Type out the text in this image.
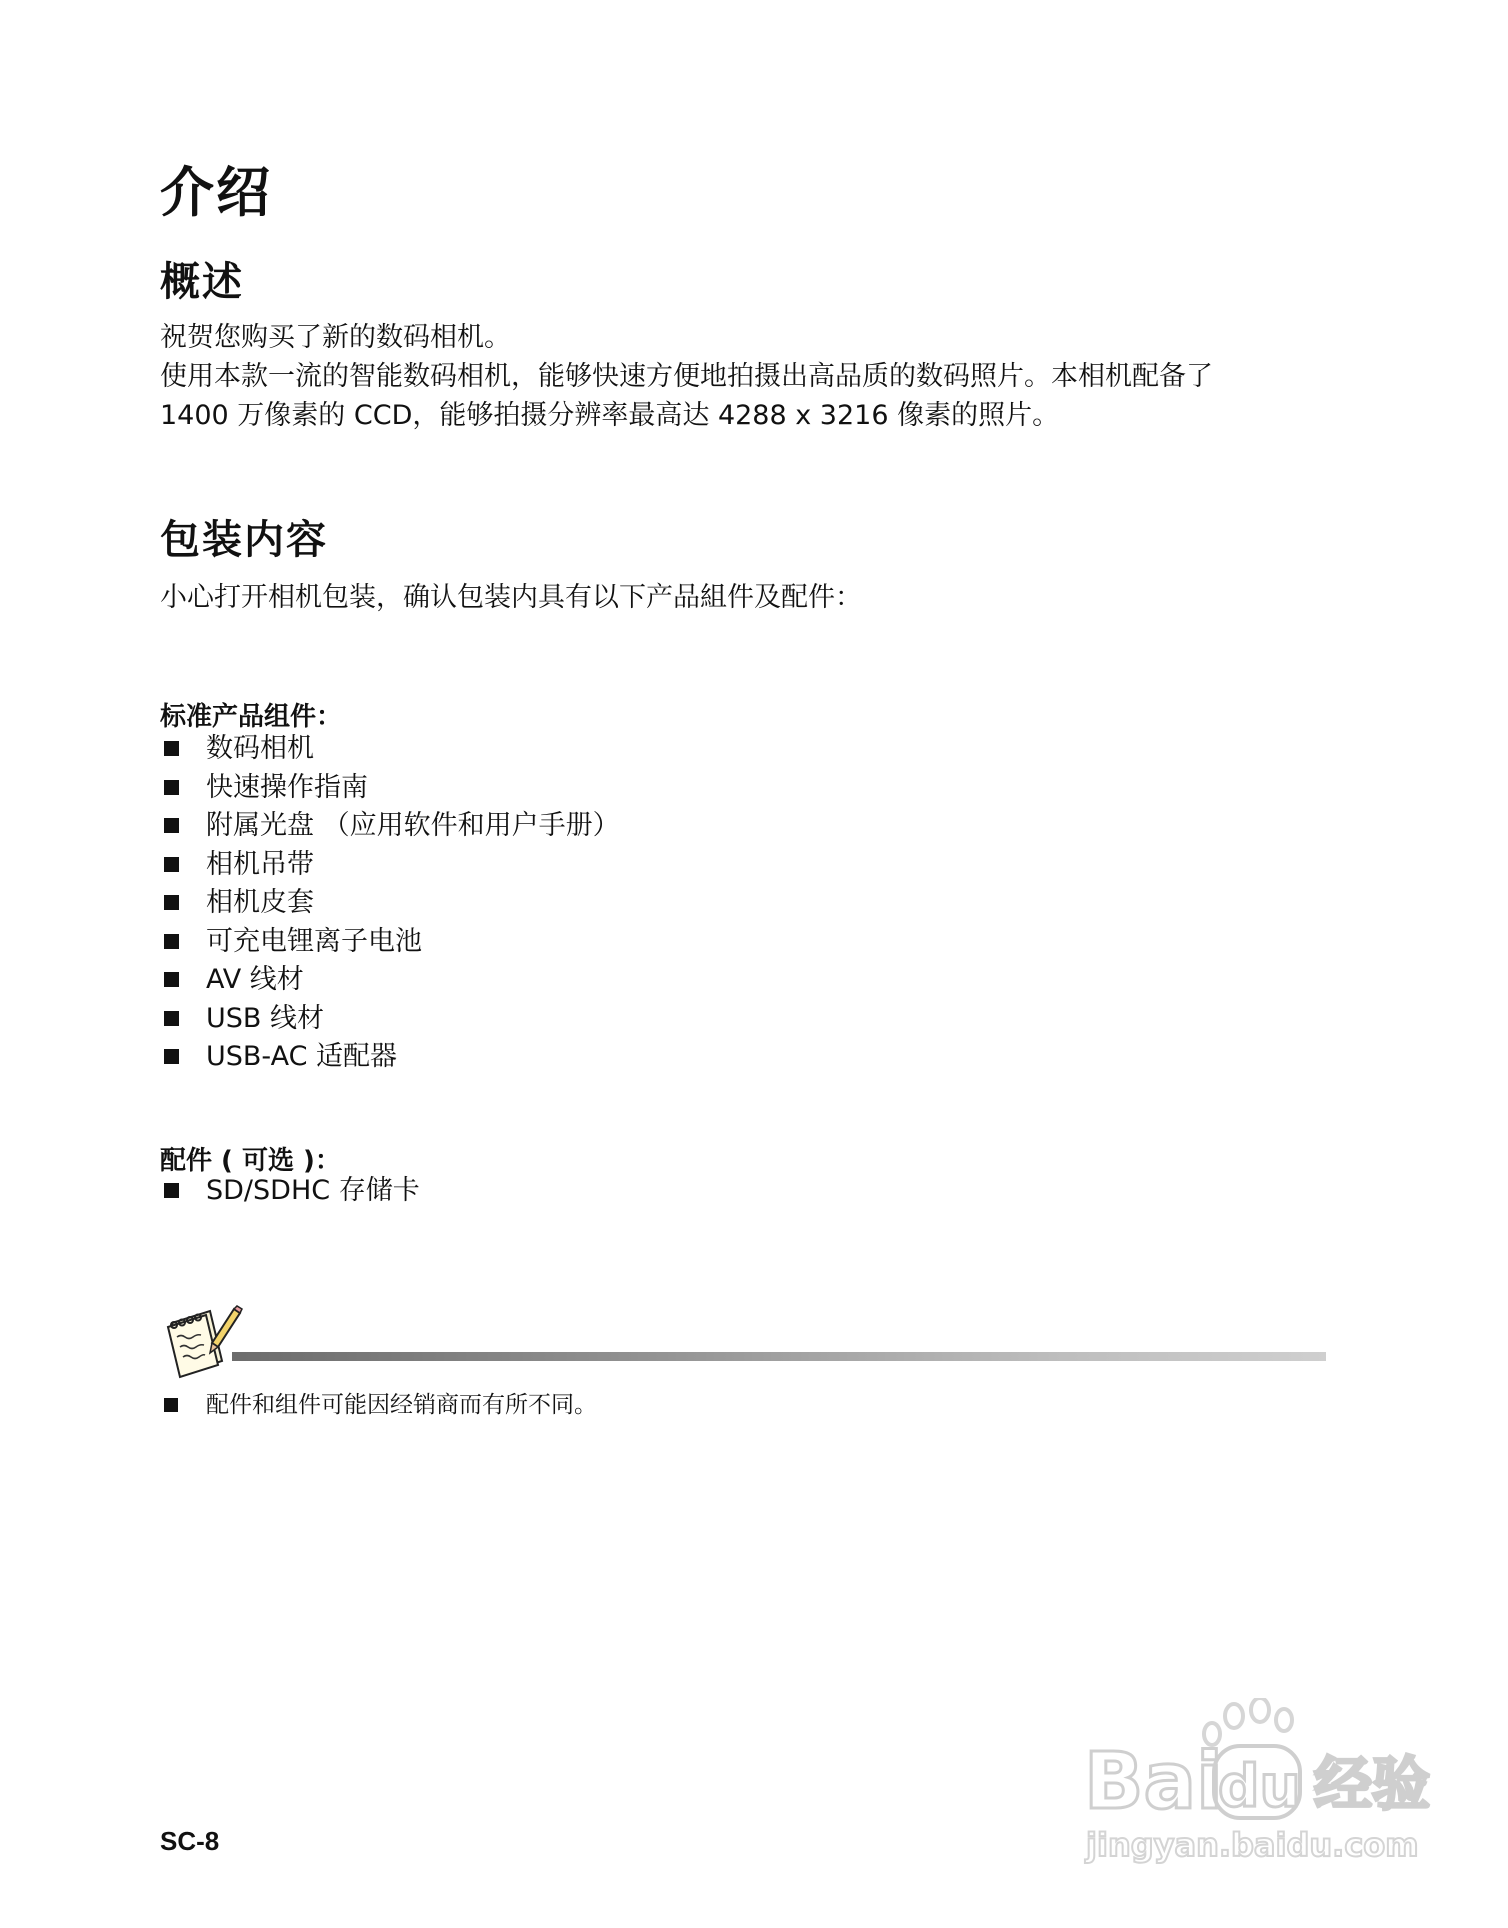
介绍
概述
祝贺您购买了新的数码相机。
使用本款一流的智能数码相机，能够快速方便地拍摄出高品质的数码照片。本相机配备了
1400 万像素的 CCD，能够拍摄分辨率最高达 4288 x 3216 像素的照片。
包装内容
小心打开相机包装，确认包装内具有以下产品組件及配件：
标准产品组件：
数码相机
快速操作指南
附属光盘 （应用软件和用户手册）
相机吊带
相机皮套
可充电锂离子电池
AV 线材
USB 线材
USB-AC 适配器
配件 ( 可选 )：
SD/SDHC 存储卡
配件和组件可能因经销商而有所不同。
SC-8
Bai
du 经验
jingyan.baidu.com
